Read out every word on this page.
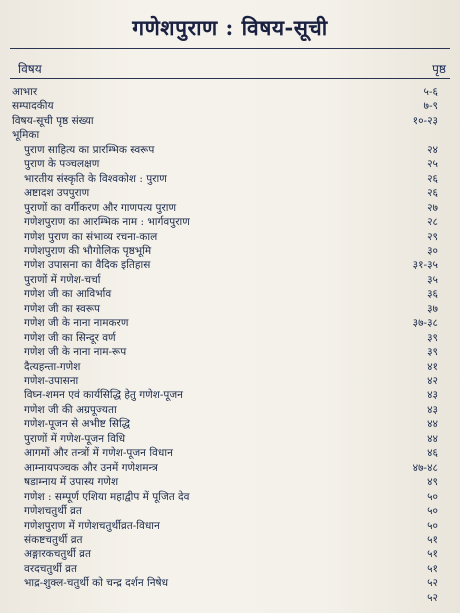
गणेशपुराण : विषय-सूची
विषय	पृष्ठ
आभार	५-६
सम्पादकीय	७-९
विषय-सूची पृष्ठ संख्या	१०-२३
भूमिका
पुराण साहित्य का प्रारम्भिक स्वरूप	२४
पुराण के पञ्चलक्षण	२५
भारतीय संस्कृति के विश्वकोश : पुराण	२६
अष्टादश उपपुराण	२६
पुराणों का वर्गीकरण और गाणपत्य पुराण	२७
गणेशपुराण का आरम्भिक नाम : भार्गवपुराण	२८
गणेश पुराण का संभाव्य रचना-काल	२९
गणेशपुराण की भौगोलिक पृष्ठभूमि	३०
गणेश उपासना का वैदिक इतिहास	३१-३५
पुराणों में गणेश-चर्चा	३५
गणेश जी का आविर्भाव	३६
गणेश जी का स्वरूप	३७
गणेश जी के नाना नामकरण	३७-३८
गणेश जी का सिन्दूर वर्ण	३९
गणेश जी के नाना नाम-रूप	३९
दैत्यहन्ता-गणेश	४१
गणेश-उपासना	४२
विघ्न-शमन एवं कार्यसिद्धि हेतु गणेश-पूजन	४३
गणेश जी की अग्रपूज्यता	४३
गणेश-पूजन से अभीष्ट सिद्धि	४४
पुराणों में गणेश-पूजन विधि	४४
आगमों और तन्त्रों में गणेश-पूजन विधान	४६
आम्नायपञ्चक और उनमें गणेशमन्त्र	४७-४८
षडाम्नाय में उपास्य गणेश	४९
गणेश : सम्पूर्ण एशिया महाद्वीप में पूजित देव	५०
गणेशचतुर्थी व्रत	५०
गणेशपुराण में गणेशचतुर्थीव्रत-विधान	५०
संकष्टचतुर्थी व्रत	५१
अङ्गारकचतुर्थी व्रत	५१
वरदचतुर्थी व्रत	५१
भाद्र-शुक्ल-चतुर्थी को चन्द्र दर्शन निषेध	५२
५२
